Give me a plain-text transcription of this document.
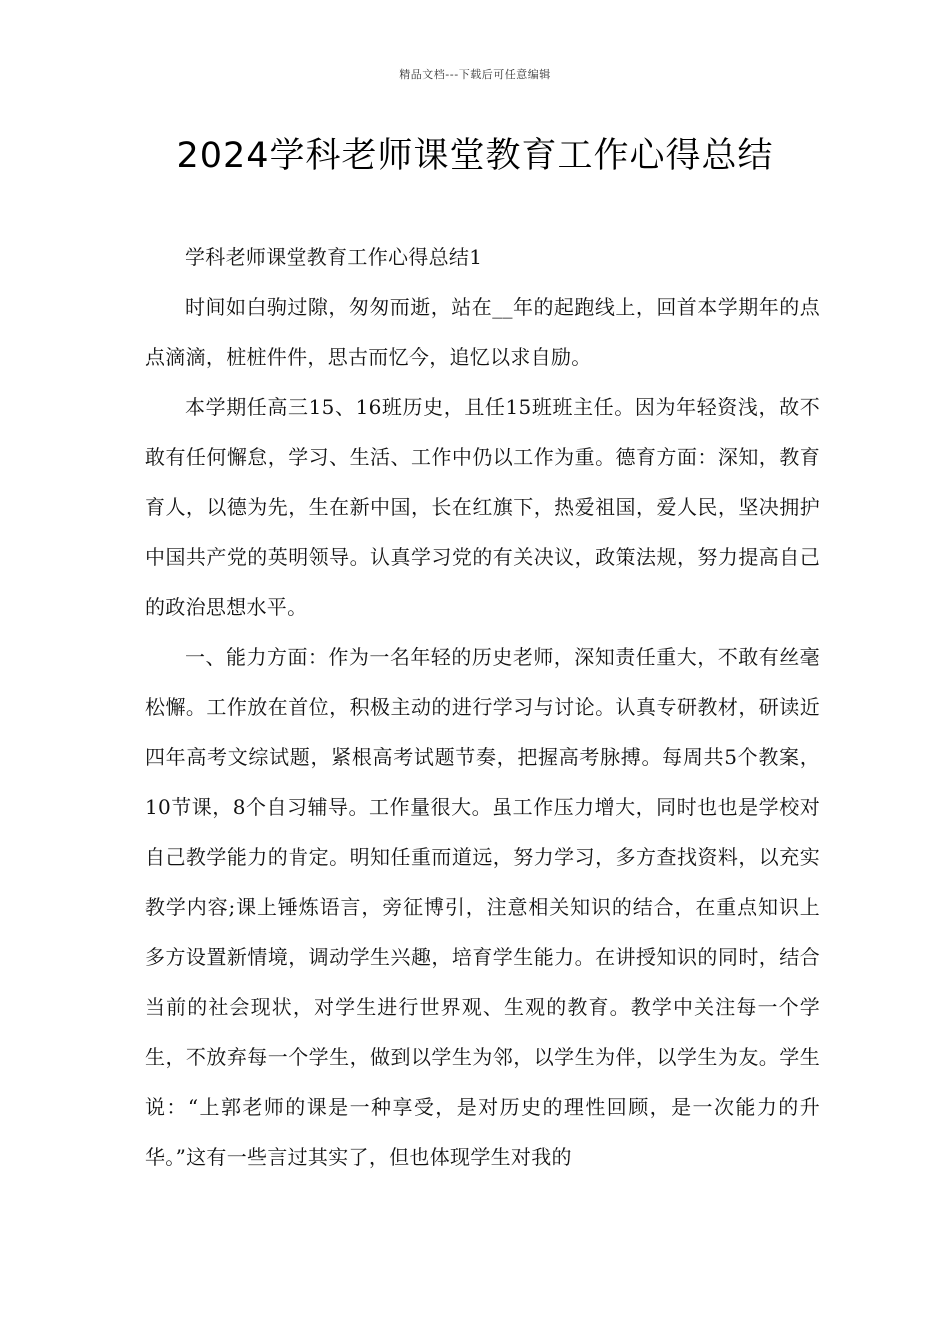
精品文档---下载后可任意编辑
2024学科老师课堂教育工作心得总结

学科老师课堂教育工作心得总结1

时间如白驹过隙，匆匆而逝，站在__年的起跑线上，回首本学期年的点点滴滴，桩桩件件，思古而忆今，追忆以求自励。

本学期任高三15、16班历史，且任15班班主任。因为年轻资浅，故不敢有任何懈怠，学习、生活、工作中仍以工作为重。德育方面：深知，教育育人，以德为先，生在新中国，长在红旗下，热爱祖国，爱人民，坚决拥护中国共产党的英明领导。认真学习党的有关决议，政策法规，努力提高自己的政治思想水平。

一、能力方面：作为一名年轻的历史老师，深知责任重大，不敢有丝毫松懈。工作放在首位，积极主动的进行学习与讨论。认真专研教材，研读近四年高考文综试题，紧根高考试题节奏，把握高考脉搏。每周共5个教案，10节课，8个自习辅导。工作量很大。虽工作压力增大，同时也也是学校对自己教学能力的肯定。明知任重而道远，努力学习，多方查找资料，以充实教学内容;课上锤炼语言，旁征博引，注意相关知识的结合，在重点知识上多方设置新情境，调动学生兴趣，培育学生能力。在讲授知识的同时，结合当前的社会现状，对学生进行世界观、生观的教育。教学中关注每一个学生，不放弃每一个学生，做到以学生为邻，以学生为伴，以学生为友。学生说：“上郭老师的课是一种享受，是对历史的理性回顾，是一次能力的升华。”这有一些言过其实了，但也体现学生对我的
